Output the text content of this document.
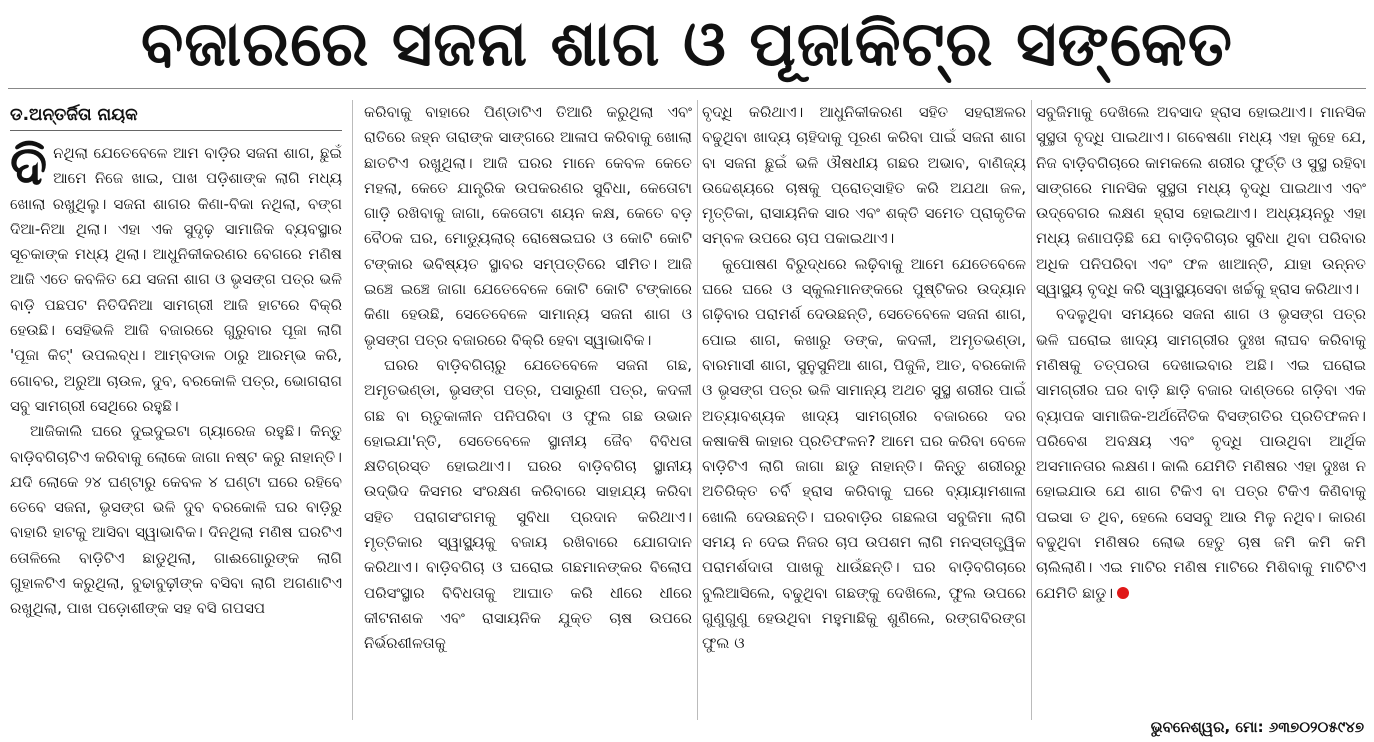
ବଜାରରେ ସଜନା ଶାଗ ଓ ପୂଜାକିଟ୍‌ର ସଙ୍କେତ
ଡ.ଅନ୍ତର୍ଜିତା ନାୟକ

ଦିନଥିଲା ଯେତେବେଳେ ଆମ ବାଡ଼ିର ସଜନା ଶାଗ, ଛୁଇଁ ଆମେ ନିଜେ ଖାଇ, ପାଖ ପଡ଼ିଶାଙ୍କ ଲାଗି ମଧ୍ୟ ଖୋଲା ରଖୁଥିଲୁ। ସଜନା ଶାଗର କିଣା-ବିକା ନଥିଲା, ବଙ୍ଗ ଦିଆ-ନିଆ ଥିଲା। ଏହା ଏକ ସୁଦୃଢ଼ ସାମାଜିକ ବ୍ୟବସ୍ଥାର ସୂଚକାଙ୍କ ମଧ୍ୟ ଥିଲା। ଆଧୁନିକୀକରଣର ବେଗରେ ମଣିଷ ଆଜି ଏତେ କବଳିତ ଯେ ସଜନା ଶାଗ ଓ ଭୃସଙ୍ଗ ପତ୍ର ଭଳି ବାଡ଼ି ପଛପଟ ନିତିଦିନିଆ ସାମଗ୍ରୀ ଆଜି ହାଟରେ ବିକ୍ରି ହେଉଛି। ସେହିଭଳି ଆଜି ବଜାରରେ ଗୁରୁବାର ପୂଜା ଲାଗି 'ପୂଜା କିଟ୍' ଉପଲବ୍ଧ। ଆମ୍ବଡାଳ ଠାରୁ ଆରମ୍ଭ କରି, ଗୋବର, ଅରୁଆ ଚାଉଳ, ଦୁବ, ବରକୋଳି ପତ୍ର, ଭୋଗରାଗ ସବୁ ସାମଗ୍ରୀ ସେଥିରେ ରହୁଛି।

ଆଜିକାଲି ଘରେ ଦୁଇଦୁଇଟା ଗ୍ୟାରେଜ ରହୁଛି। କିନ୍ତୁ ବାଡ଼ିବଗିଚାଟିଏ କରିବାକୁ ଲୋକେ ଜାଗା ନଷ୍ଟ କରୁ ନାହାନ୍ତି। ଯଦି ଲୋକେ ୨୪ ଘଣ୍ଟାରୁ କେବଳ ୪ ଘଣ୍ଟା ଘରେ ରହିବେ ତେବେ ସଜନା, ଭୃସଙ୍ଗ ଭଳି ଦୁବ ବରକୋଳି ଘର ବାଡ଼ିରୁ ବାହାରି ହାଟକୁ ଆସିବା ସ୍ୱାଭାବିକ। ଦିନଥିଲା ମଣିଷ ଘରଟିଏ ତୋଳିଲେ ବାଡ଼ିଟିଏ ଛାଡୁଥିଲା, ଗାଈଗୋରୁଙ୍କ ଲାଗି ଗୁହାଳଟିଏ କରୁଥିଲା, ବୁଢାବୁଢ଼ୀଙ୍କ ବସିବା ଲାଗି ଅଗଣାଟିଏ ରଖୁଥିଲା, ପାଖ ପଡ଼ୋଶୀଙ୍କ ସହ ବସି ଗପସପ

କରିବାକୁ ବାହାରେ ପିଣ୍ଡାଟିଏ ତିଆରି କରୁଥିଲା ଏବଂ ରାତିରେ ଜହ୍ନ ତାରାଙ୍କ ସାଙ୍ଗରେ ଆଳାପ କରିବାକୁ ଖୋଲା ଛାତଟିଏ ରଖୁଥିଲା। ଆଜି ଘରର ମାନେ କେବଳ କେତେ ମହଲା, କେତେ ଯାନ୍ତ୍ରିକ ଉପକରଣର ସୁବିଧା, କେତୋଟା ଗାଡ଼ି ରଖିବାକୁ ଜାଗା, କେତୋଟା ଶୟନ କକ୍ଷ, କେତେ ବଡ଼ ବୈଠକ ଘର, ମୋଡ୍ୟୁଲାର୍ ରୋଷେଇଘର ଓ କୋଟି କୋଟି ଟଙ୍କାର ଭବିଷ୍ୟତ ସ୍ଥାବର ସମ୍ପତ୍ତିରେ ସୀମିତ। ଆଜି ଇଞ୍ଚେ ଇଞ୍ଚେ ଜାଗା ଯେତେବେଳେ କୋଟି କୋଟି ଟଙ୍କାରେ କିଣା ହେଉଛି, ସେତେବେଳେ ସାମାନ୍ୟ ସଜନା ଶାଗ ଓ ଭୃସଙ୍ଗ ପତ୍ର ବଜାରରେ ବିକ୍ରି ହେବା ସ୍ୱାଭାବିକ।

ଘରର ବାଡ଼ିବଗିଚାରୁ ଯେତେବେଳେ ସଜନା ଗଛ, ଅମୃତଭଣ୍ଡା, ଭୃସଙ୍ଗ ପତ୍ର, ପସାରୁଣୀ ପତ୍ର, କଦଳୀ ଗଛ ବା ଋତୁକାଳୀନ ପନିପରିବା ଓ ଫୁଲ ଗଛ ଉଭାନ ହୋଇଯା'ନ୍ତି, ସେତେବେଳେ ସ୍ଥାନୀୟ ଜୈବ ବିବିଧତା କ୍ଷତିଗ୍ରସ୍ତ ହୋଇଥାଏ। ଘରର ବାଡ଼ିବଗିଚା ସ୍ଥାନୀୟ ଉଦ୍ଭିଦ କିସମର ସଂରକ୍ଷଣ କରିବାରେ ସାହାଯ୍ୟ କରିବା ସହିତ ପରାଗସଂଗମକୁ ସୁବିଧା ପ୍ରଦାନ କରିଥାଏ। ମୃତ୍ତିକାର ସ୍ୱାସ୍ଥ୍ୟକୁ ବଜାୟ ରଖିବାରେ ଯୋଗଦାନ କରିଥାଏ। ବାଡ଼ିବଗିଚା ଓ ଘରୋଇ ଗଛମାନଙ୍କର ବିଲୋପ ପରିସଂସ୍ଥାର ବିବିଧତାକୁ ଆଘାତ କରି ଧୀରେ ଧୀରେ କୀଟନାଶକ ଏବଂ ରାସାୟନିକ ଯୁକ୍ତ ଚାଷ ଉପରେ ନିର୍ଭରଶୀଳତାକୁ

ବୃଦ୍ଧି କରିଥାଏ। ଆଧୁନିକୀକରଣ ସହିତ ସହରାଞ୍ଚଳର ବଢୁଥିବା ଖାଦ୍ୟ ଚାହିଦାକୁ ପୂରଣ କରିବା ପାଇଁ ସଜନା ଶାଗ ବା ସଜନା ଛୁଇଁ ଭଳି ଔଷଧୀୟ ଗଛର ଅଭାବ, ବାଣିଜ୍ୟ ଉଦ୍ଦେଶ୍ୟରେ ଚାଷକୁ ପ୍ରୋତ୍ସାହିତ କରି ଅଯଥା ଜଳ, ମୃତ୍ତିକା, ରାସାୟନିକ ସାର ଏବଂ ଶକ୍ତି ସମେତ ପ୍ରାକୃତିକ ସମ୍ବଳ ଉପରେ ଚାପ ପକାଇଥାଏ।

କୁପୋଷଣ ବିରୁଦ୍ଧରେ ଲଢ଼ିବାକୁ ଆମେ ଯେତେବେଳେ ଘରେ ଘରେ ଓ ସ୍କୁଲମାନଙ୍କରେ ପୁଷ୍ଟିକର ଉଦ୍ୟାନ ଗଢ଼ିବାର ପରାମର୍ଶ ଦେଉଛନ୍ତି, ସେତେବେଳେ ସଜନା ଶାଗ, ପୋଇ ଶାଗ, କଖାରୁ ଡଙ୍କ, କଦଳୀ, ଅମୃତଭଣ୍ଡା, ବାରମାସୀ ଶାଗ, ସୁନୁସୁନିଆ ଶାଗ, ପିଜୁଳି, ଆତ, ବରକୋଳି ଓ ଭୃସଙ୍ଗ ପତ୍ର ଭଳି ସାମାନ୍ୟ ଅଥଚ ସୁସ୍ଥ ଶରୀର ପାଇଁ ଅତ୍ୟାବଶ୍ୟକ ଖାଦ୍ୟ ସାମଗ୍ରୀର ବଜାରରେ ଦର କଷାକଷି କାହାର ପ୍ରତିଫଳନ? ଆମେ ଘର କରିବା ବେଳେ ବାଡ଼ିଟିଏ ଲାଗି ଜାଗା ଛାଡୁ ନାହାନ୍ତି। କିନ୍ତୁ ଶରୀରରୁ ଅତିରିକ୍ତ ଚର୍ବି ହ୍ରାସ କରିବାକୁ ଘରେ ବ୍ୟାୟାମଶାଳା ଖୋଲି ଦେଉଛନ୍ତି। ଘରବାଡ଼ିର ଗଛଲତା ସବୁଜିମା ଲାଗି ସମୟ ନ ଦେଇ ନିଜର ଚାପ ଉପଶମ ଲାଗି ମନସ୍ତାତ୍ତ୍ୱିକ ପରାମର୍ଶଦାତା ପାଖକୁ ଧାଉଁଛନ୍ତି। ଘର ବାଡ଼ିବଗିଚାରେ ବୁଲିଆସିଲେ, ବଢୁଥିବା ଗଛଙ୍କୁ ଦେଖିଲେ, ଫୁଲ ଉପରେ ଗୁଣୁଗୁଣୁ ହେଉଥିବା ମହୁମାଛିକୁ ଶୁଣିଲେ, ରଙ୍ଗବିରଙ୍ଗ ଫୁଲ ଓ

ସବୁଜିମାକୁ ଦେଖିଲେ ଅବସାଦ ହ୍ରାସ ହୋଇଥାଏ। ମାନସିକ ସୁସ୍ଥତା ବୃଦ୍ଧି ପାଇଥାଏ। ଗବେଷଣା ମଧ୍ୟ ଏହା କୁହେ ଯେ, ନିଜ ବାଡ଼ିବଗିଚାରେ କାମକଲେ ଶରୀର ଫୁର୍ତ୍ତି ଓ ସୁସ୍ଥ ରହିବା ସାଙ୍ଗରେ ମାନସିକ ସୁସ୍ଥତା ମଧ୍ୟ ବୃଦ୍ଧି ପାଇଥାଏ ଏବଂ ଉଦ୍‌ବେଗର ଲକ୍ଷଣ ହ୍ରାସ ହୋଇଥାଏ। ଅଧ୍ୟୟନରୁ ଏହା ମଧ୍ୟ ଜଣାପଡ଼ିଛି ଯେ ବାଡ଼ିବଗିଚାର ସୁବିଧା ଥିବା ପରିବାର ଅଧିକ ପନିପରିବା ଏବଂ ଫଳ ଖାଆନ୍ତି, ଯାହା ଉନ୍ନତ ସ୍ୱାସ୍ଥ୍ୟ ବୃଦ୍ଧି କରି ସ୍ୱାସ୍ଥ୍ୟସେବା ଖର୍ଚ୍ଚକୁ ହ୍ରାସ କରିଥାଏ।

ବଦଳୁଥିବା ସମୟରେ ସଜନା ଶାଗ ଓ ଭୃସଙ୍ଗ ପତ୍ର ଭଳି ଘରୋଇ ଖାଦ୍ୟ ସାମଗ୍ରୀର ଦୁଃଖ ଲାଘବ କରିବାକୁ ମଣିଷକୁ ତତ୍ପରତା ଦେଖାଇବାର ଅଛି। ଏଇ ଘରୋଇ ସାମଗ୍ରୀର ଘର ବାଡ଼ି ଛାଡ଼ି ବଜାର ଦାଣ୍ଡରେ ଗଡ଼ିବା ଏକ ବ୍ୟାପକ ସାମାଜିକ-ଅର୍ଥନୈତିକ ବିସଙ୍ଗତିର ପ୍ରତିଫଳନ। ପରିବେଶ ଅବକ୍ଷୟ ଏବଂ ବୃଦ୍ଧି ପାଉଥିବା ଆର୍ଥିକ ଅସମାନତାର ଲକ୍ଷଣ। କାଲି ଯେମିତି ମଣିଷର ଏହା ଦୁଃଖ ନ ହୋଇଯାଉ ଯେ ଶାଗ ଟିକିଏ ବା ପତ୍ର ଟିକିଏ କିଣିବାକୁ ପଇସା ତ ଥିବ, ହେଲେ ସେସବୁ ଆଉ ମିଳୁ ନଥିବ। କାରଣ ବଢୁଥିବା ମଣିଷର ଲୋଭ ହେତୁ ଚାଷ ଜମି କମି କମି ଚାଲିଲାଣି। ଏଇ ମାଟିର ମଣିଷ ମାଟିରେ ମିଶିବାକୁ ମାଟିଟିଏ ଯେମିତି ଛାଡୁ।

ଭୁବନେଶ୍ୱର, ମୋ: ୬୩୭୦୨୦୫୯୪୭
